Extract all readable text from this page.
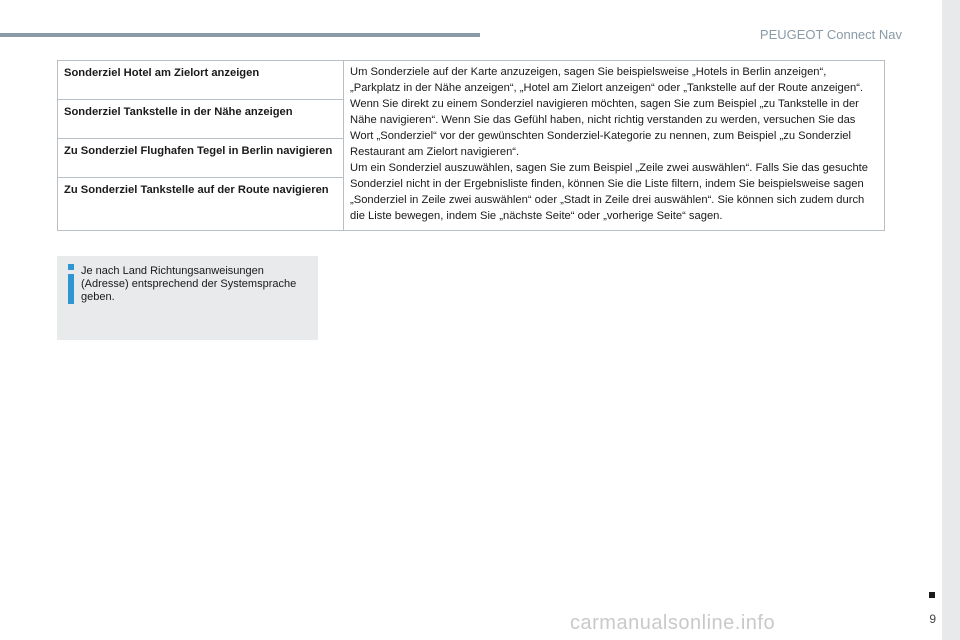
PEUGEOT Connect Nav
Sonderziel Hotel am Zielort anzeigen	Um Sonderziele auf der Karte anzuzeigen, sagen Sie beispielsweise „Hotels in Berlin anzeigen“, „Parkplatz in der Nähe anzeigen“, „Hotel am Zielort anzeigen“ oder „Tankstelle auf der Route anzeigen“. Wenn Sie direkt zu einem Sonderziel navigieren möchten, sagen Sie zum Beispiel „zu Tankstelle in der Nähe navigieren“. Wenn Sie das Gefühl haben, nicht richtig verstanden zu werden, versuchen Sie das Wort „Sonderziel“ vor der gewünschten Sonderziel-Kategorie zu nennen, zum Beispiel „zu Sonderziel Restaurant am Zielort navigieren“.

Um ein Sonderziel auszuwählen, sagen Sie zum Beispiel „Zeile zwei auswählen“. Falls Sie das gesuchte Sonderziel nicht in der Ergebnisliste finden, können Sie die Liste filtern, indem Sie beispielsweise sagen „Sonderziel in Zeile zwei auswählen“ oder „Stadt in Zeile drei auswählen“. Sie können sich zudem durch die Liste bewegen, indem Sie „nächste Seite“ oder „vorherige Seite“ sagen.

Sonderziel Tankstelle in der Nähe anzeigen
Zu Sonderziel Flughafen Tegel in Berlin navigieren
Zu Sonderziel Tankstelle auf der Route navigieren
Je nach Land Richtungsanweisungen (Adresse) entsprechend der Systemsprache geben.
9
carmanualsonline.info
